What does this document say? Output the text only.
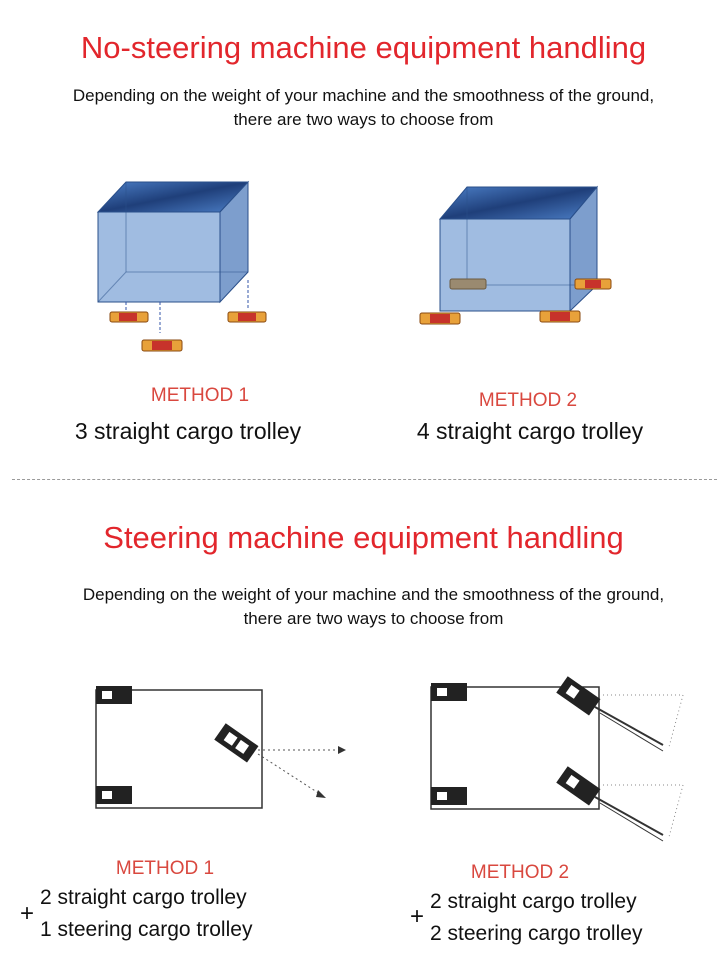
No-steering machine equipment handling
Depending on the weight of your machine and the smoothness of the ground,
there are two ways to choose from
METHOD 1
3 straight cargo trolley
METHOD 2
4 straight cargo trolley
Steering machine equipment handling
Depending on the weight of your machine and the smoothness of the ground,
there are two ways to choose from
METHOD 1
+
2 straight cargo trolley
1 steering cargo trolley
METHOD 2
+
2 straight cargo trolley
2 steering cargo trolley
